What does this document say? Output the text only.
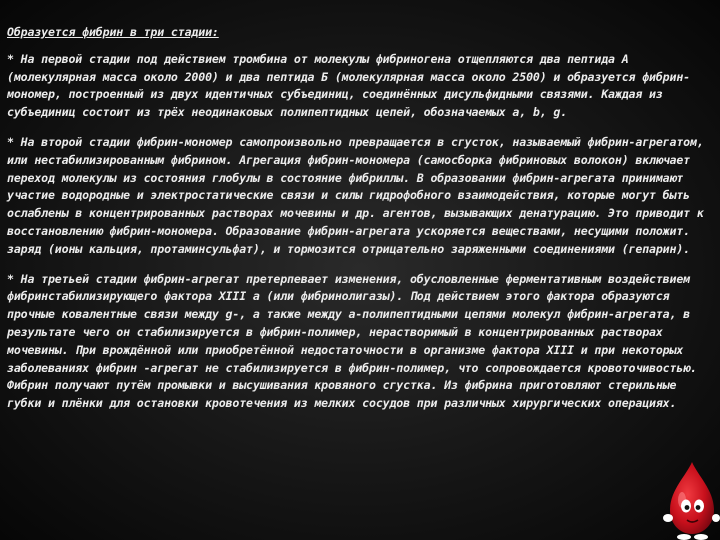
Образуется фибрин в три стадии:
* На первой стадии под действием тромбина от молекулы фибриногена отщепляются два пептида А (молекулярная масса около 2000) и два пептида Б (молекулярная масса около 2500) и образуется фибрин-мономер, построенный из двух идентичных субъединиц, соединённых дисульфидными связями. Каждая из субъединиц состоит из трёх неодинаковых полипептидных цепей, обозначаемых a, b, g.
* На второй стадии фибрин-мономер самопроизвольно превращается в сгусток, называемый фибрин-агрегатом, или нестабилизированным фибрином. Агрегация фибрин-мономера (самосборка фибриновых волокон) включает переход молекулы из состояния глобулы в состояние фибриллы. В образовании фибрин-агрегата принимают участие водородные и электростатические связи и силы гидрофобного взаимодействия, которые могут быть ослаблены в концентрированных растворах мочевины и др. агентов, вызывающих денатурацию. Это приводит к восстановлению фибрин-мономера. Образование фибрин-агрегата ускоряется веществами, несущими положит. заряд (ионы кальция, протаминсульфат), и тормозится отрицательно заряженными соединениями (гепарин).
* На третьей стадии фибрин-агрегат претерпевает изменения, обусловленные ферментативным воздействием фибринстабилизирующего фактора XIII a (или фибринолигазы). Под действием этого фактора образуются прочные ковалентные связи между g-, а также между a-полипептидными цепями молекул фибрин-агрегата, в результате чего он стабилизируется в фибрин-полимер, нерастворимый в концентрированных растворах мочевины. При врождённой или приобретённой недостаточности в организме фактора XIII и при некоторых заболеваниях фибрин -агрегат не стабилизируется в фибрин-полимер, что сопровождается кровоточивостью.
Фибрин получают путём промывки и высушивания кровяного сгустка. Из фибрина приготовляют стерильные губки и плёнки для остановки кровотечения из мелких сосудов при различных хирургических операциях.
